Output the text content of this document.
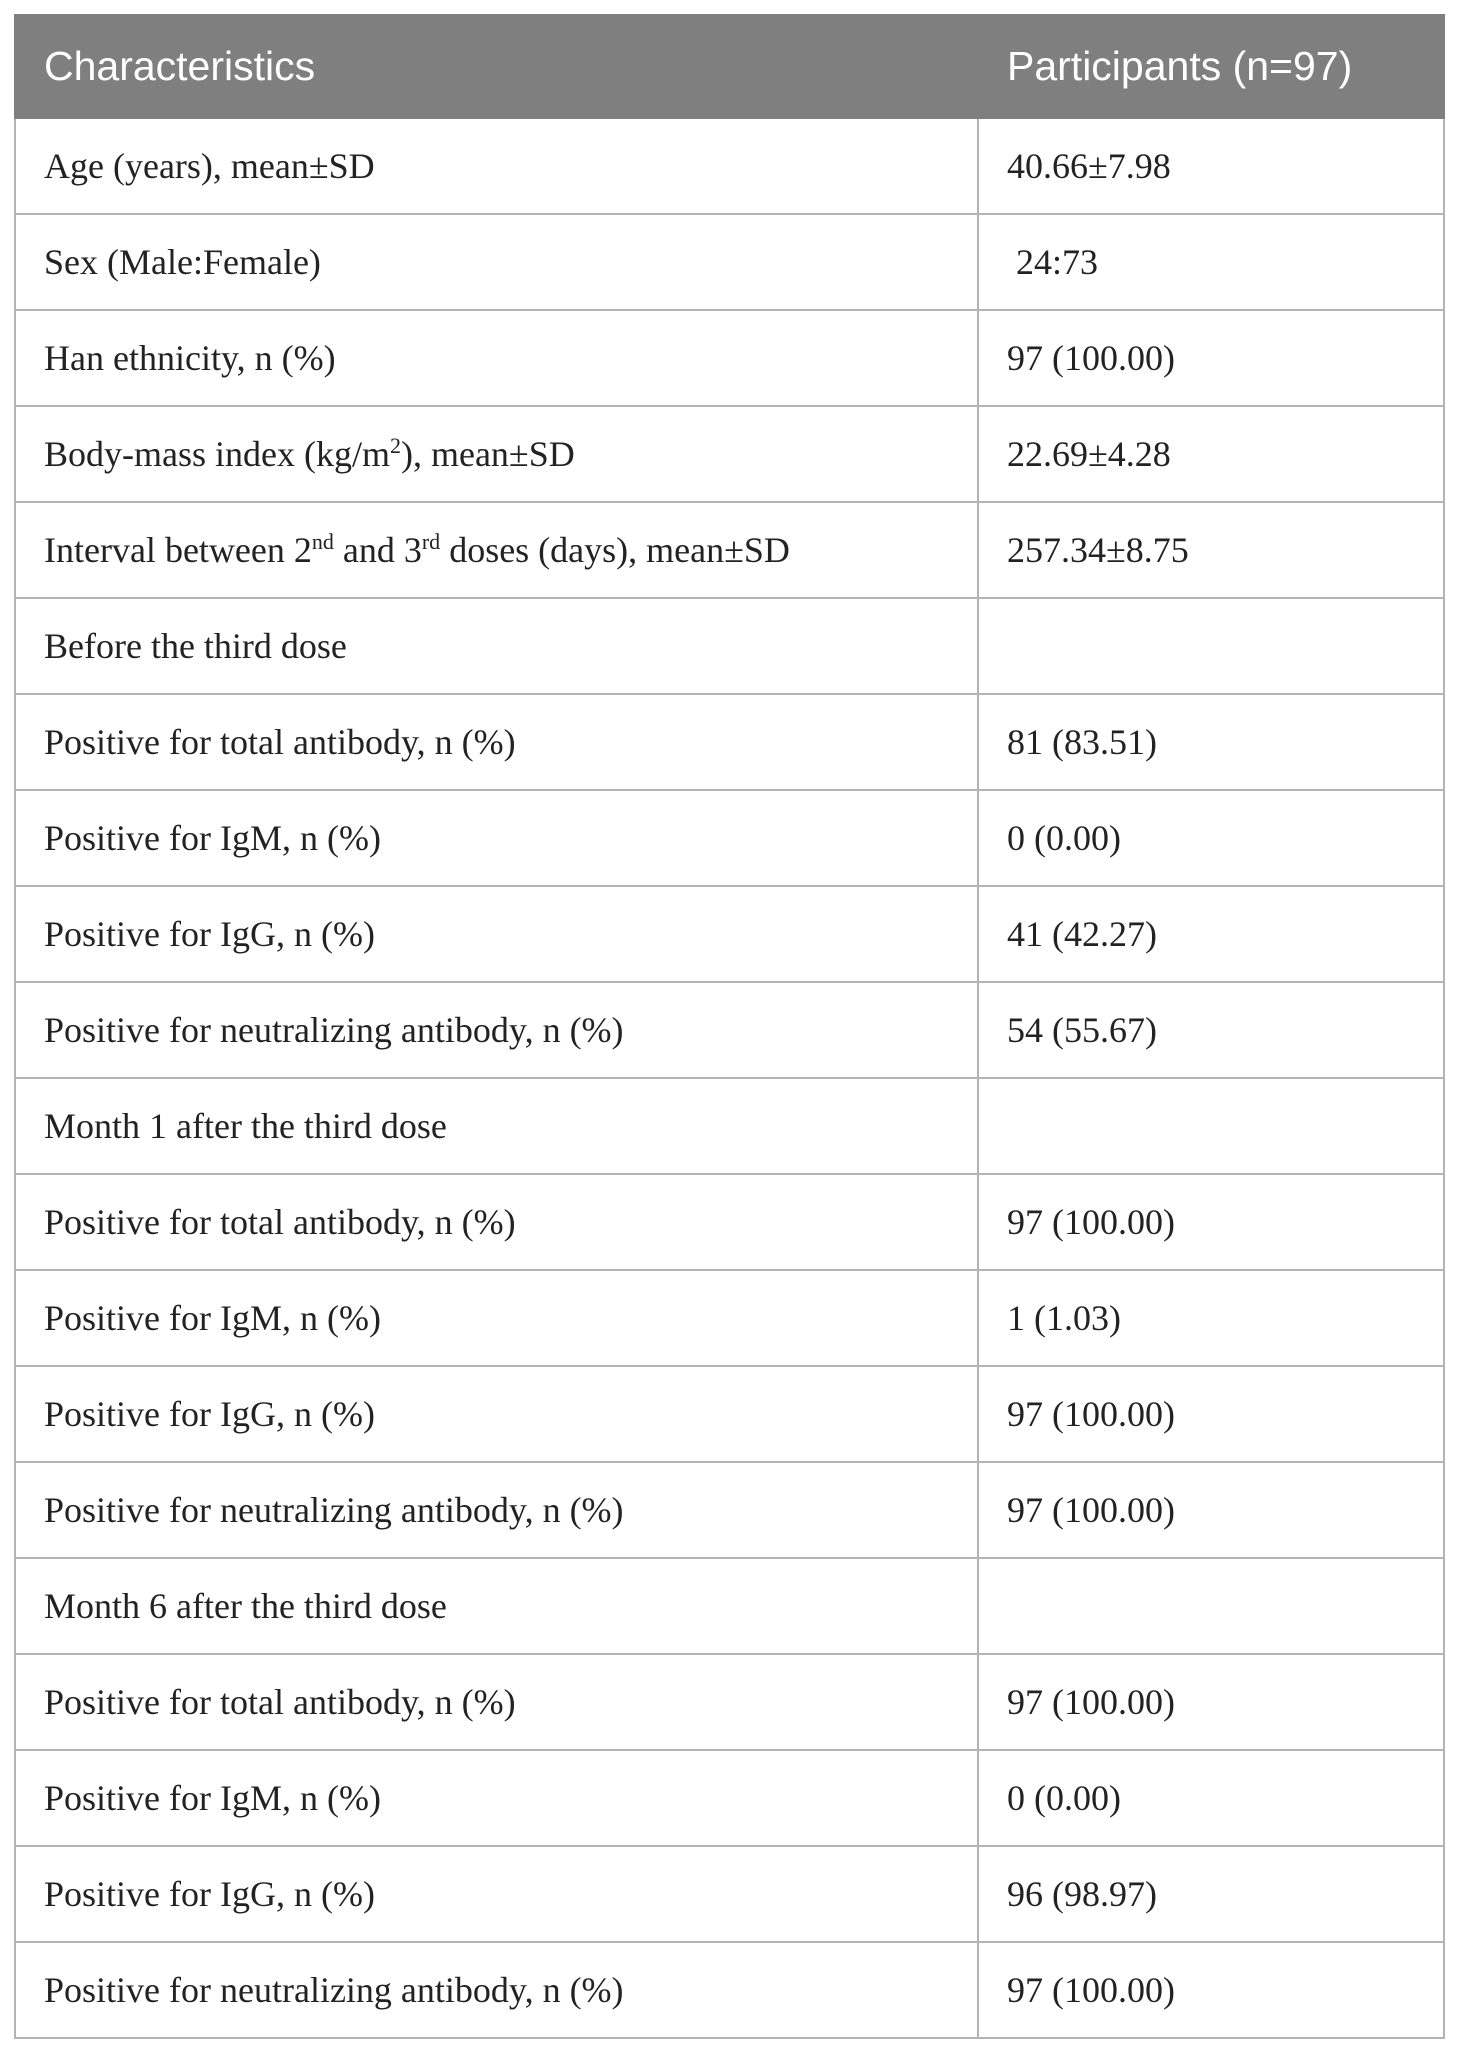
Characteristics	Participants (n=97)
Age (years), mean±SD	40.66±7.98
Sex (Male:Female)	24:73
Han ethnicity, n (%)	97 (100.00)
Body-mass index $(kg/m^2)$, mean±SD	22.69±4.28
Interval between 2nd and 3rd doses (days), mean±SD	257.34±8.75
Before the third dose	
Positive for total antibody, n (%)	81 (83.51)
Positive for IgM, n (%)	0 (0.00)
Positive for IgG, n (%)	41 (42.27)
Positive for neutralizing antibody, n (%)	54 (55.67)
Month 1 after the third dose	
Positive for total antibody, n (%)	97 (100.00)
Positive for IgM, n (%)	1 (1.03)
Positive for IgG, n (%)	97 (100.00)
Positive for neutralizing antibody, n (%)	97 (100.00)
Month 6 after the third dose	
Positive for total antibody, n (%)	97 (100.00)
Positive for IgM, n (%)	0 (0.00)
Positive for IgG, n (%)	96 (98.97)
Positive for neutralizing antibody, n (%)	97 (100.00)
